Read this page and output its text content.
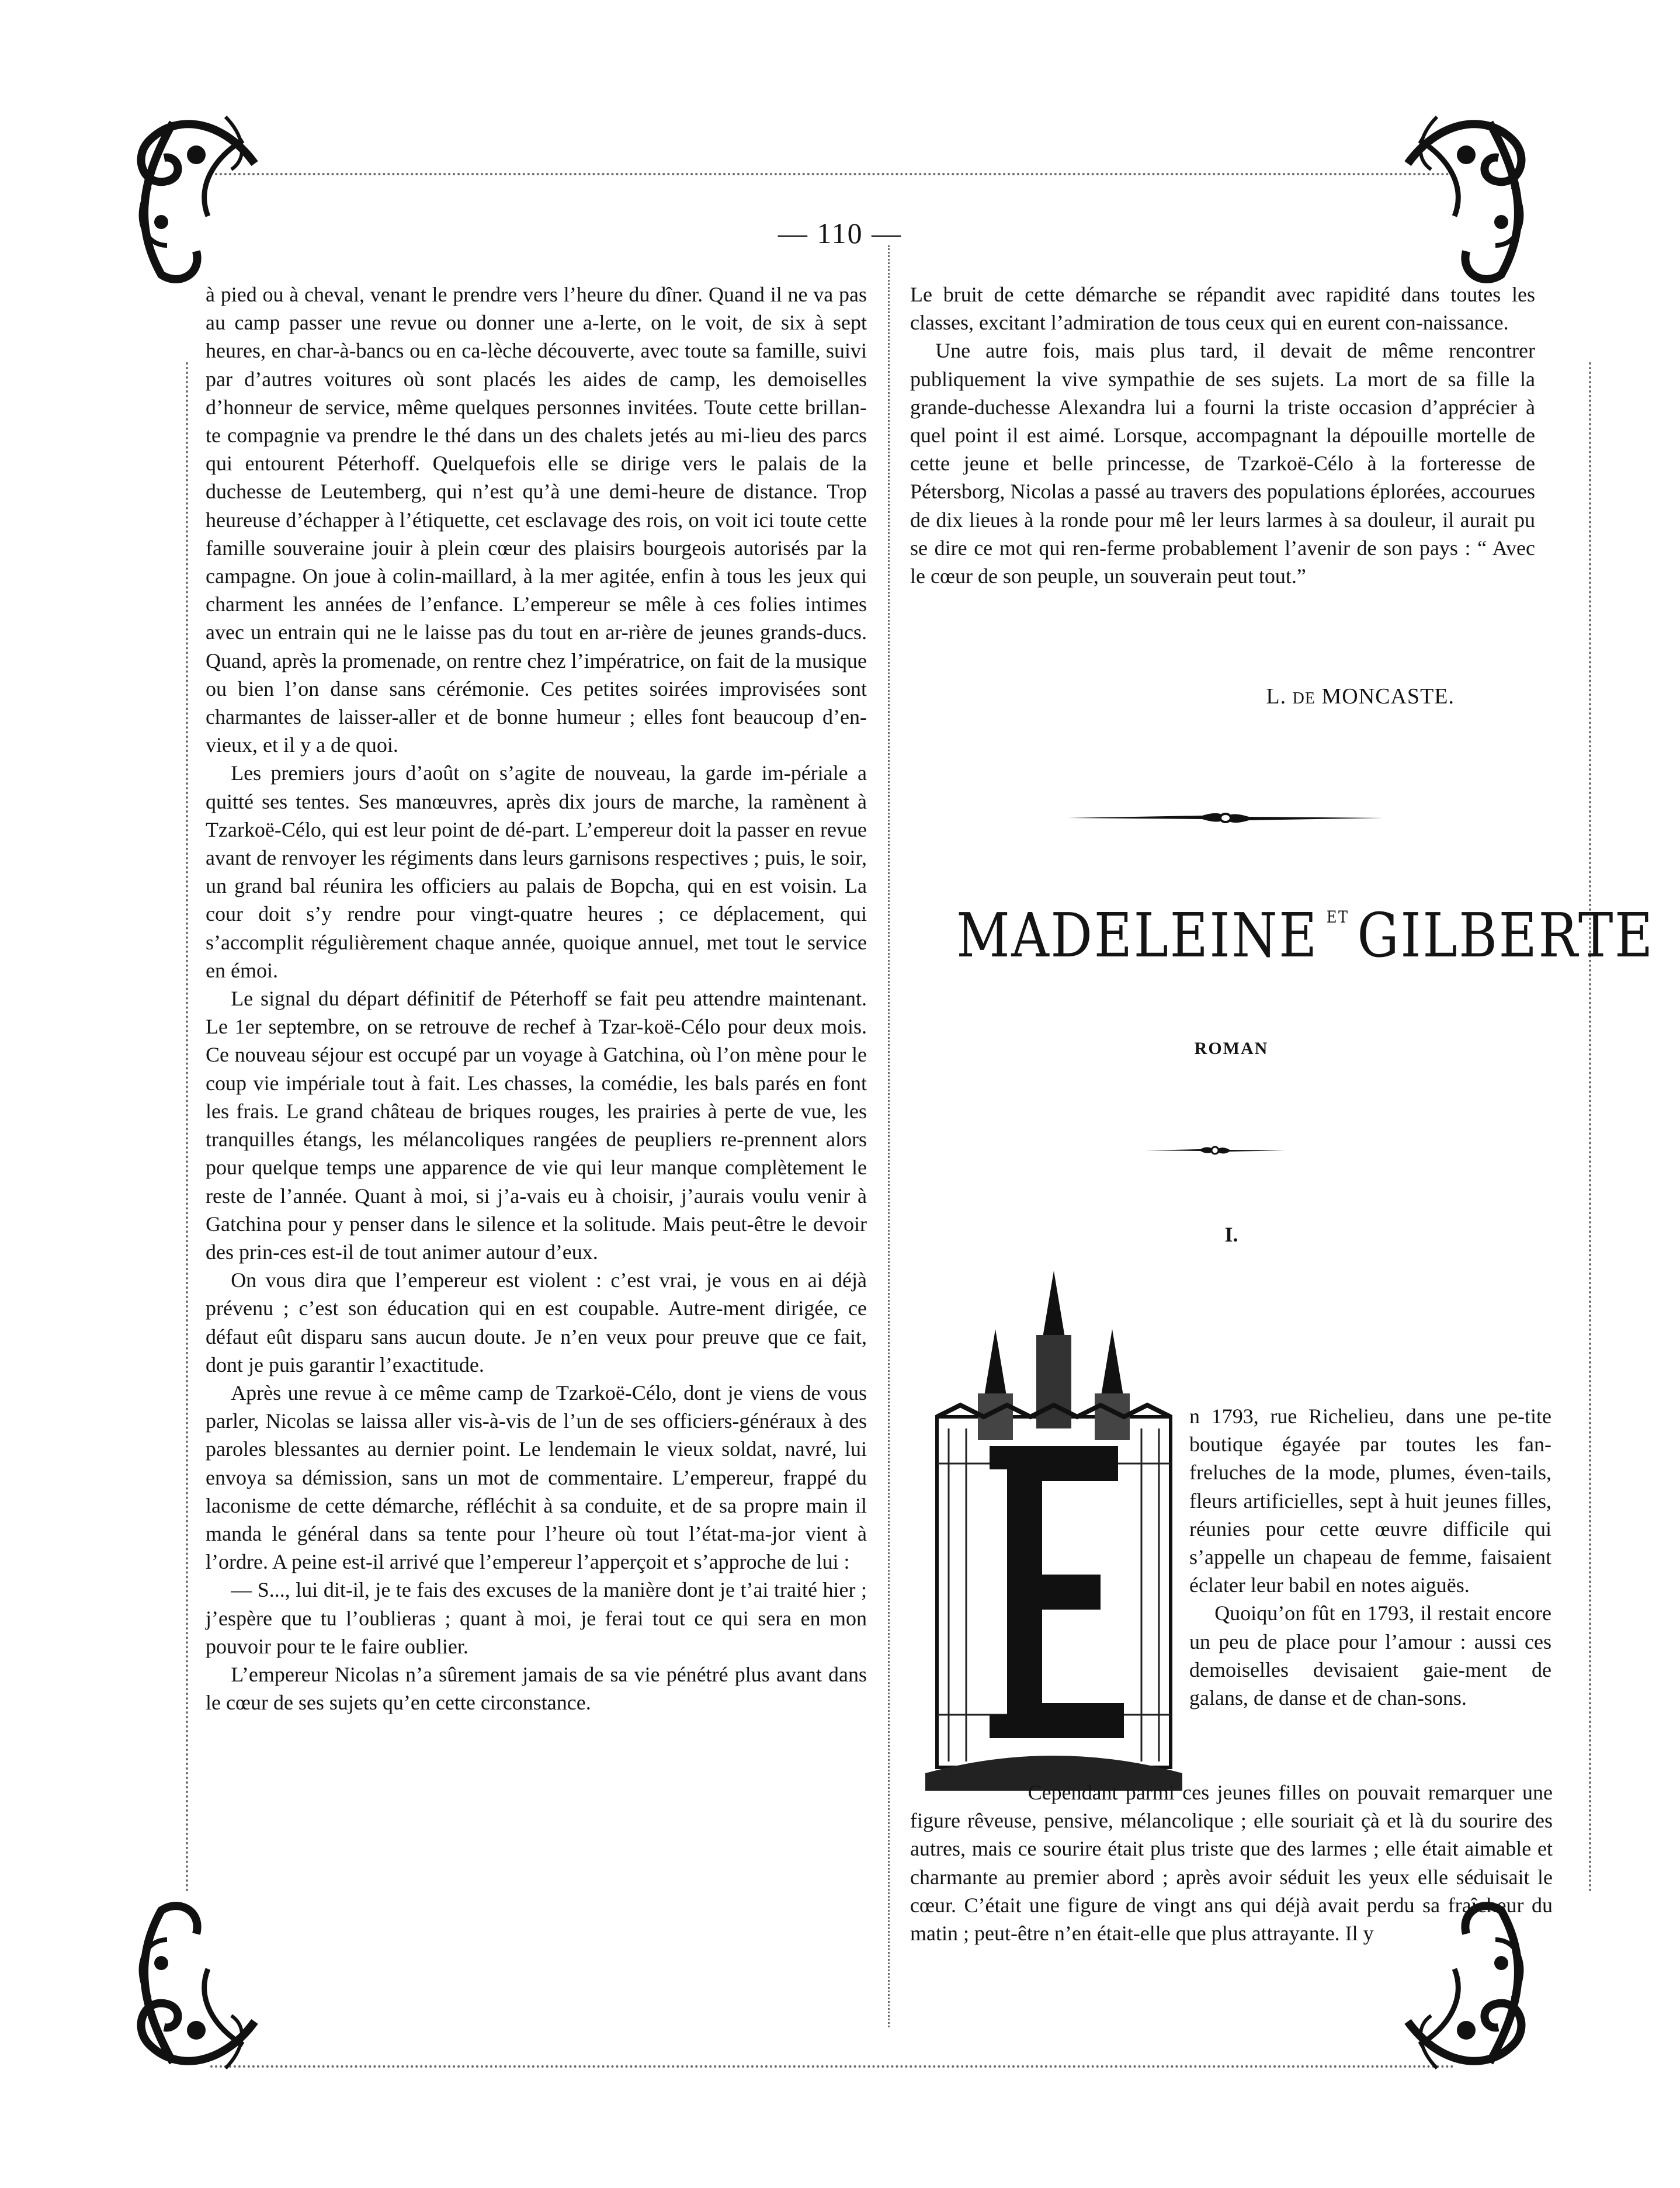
— 110 —

à pied ou à cheval, venant le prendre vers l’heure du dîner. Quand il ne va pas au camp passer une revue ou donner une a-lerte, on le voit, de six à sept heures, en char-à-bancs ou en ca-lèche découverte, avec toute sa famille, suivi par d’autres voitures où sont placés les aides de camp, les demoiselles d’honneur de service, même quelques personnes invitées. Toute cette brillan-te compagnie va prendre le thé dans un des chalets jetés au mi-lieu des parcs qui entourent Péterhoff. Quelquefois elle se dirige vers le palais de la duchesse de Leutemberg, qui n’est qu’à une demi-heure de distance. Trop heureuse d’échapper à l’étiquette, cet esclavage des rois, on voit ici toute cette famille souveraine jouir à plein cœur des plaisirs bourgeois autorisés par la campagne. On joue à colin-maillard, à la mer agitée, enfin à tous les jeux qui charment les années de l’enfance. L’empereur se mêle à ces folies intimes avec un entrain qui ne le laisse pas du tout en ar-rière de jeunes grands-ducs. Quand, après la promenade, on rentre chez l’impératrice, on fait de la musique ou bien l’on danse sans cérémonie. Ces petites soirées improvisées sont charmantes de laisser-aller et de bonne humeur ; elles font beaucoup d’en-vieux, et il y a de quoi.

Les premiers jours d’août on s’agite de nouveau, la garde im-périale a quitté ses tentes. Ses manœuvres, après dix jours de marche, la ramènent à Tzarkoë-Célo, qui est leur point de dé-part. L’empereur doit la passer en revue avant de renvoyer les régiments dans leurs garnisons respectives ; puis, le soir, un grand bal réunira les officiers au palais de Bopcha, qui en est voisin. La cour doit s’y rendre pour vingt-quatre heures ; ce déplacement, qui s’accomplit régulièrement chaque année, quoique annuel, met tout le service en émoi.

Le signal du départ définitif de Péterhoff se fait peu attendre maintenant. Le 1er septembre, on se retrouve de rechef à Tzar-koë-Célo pour deux mois. Ce nouveau séjour est occupé par un voyage à Gatchina, où l’on mène pour le coup vie impériale tout à fait. Les chasses, la comédie, les bals parés en font les frais. Le grand château de briques rouges, les prairies à perte de vue, les tranquilles étangs, les mélancoliques rangées de peupliers re-prennent alors pour quelque temps une apparence de vie qui leur manque complètement le reste de l’année. Quant à moi, si j’a-vais eu à choisir, j’aurais voulu venir à Gatchina pour y penser dans le silence et la solitude. Mais peut-être le devoir des prin-ces est-il de tout animer autour d’eux.

On vous dira que l’empereur est violent : c’est vrai, je vous en ai déjà prévenu ; c’est son éducation qui en est coupable. Autre-ment dirigée, ce défaut eût disparu sans aucun doute. Je n’en veux pour preuve que ce fait, dont je puis garantir l’exactitude.

Après une revue à ce même camp de Tzarkoë-Célo, dont je viens de vous parler, Nicolas se laissa aller vis-à-vis de l’un de ses officiers-généraux à des paroles blessantes au dernier point. Le lendemain le vieux soldat, navré, lui envoya sa démission, sans un mot de commentaire. L’empereur, frappé du laconisme de cette démarche, réfléchit à sa conduite, et de sa propre main il manda le général dans sa tente pour l’heure où tout l’état-ma-jor vient à l’ordre. A peine est-il arrivé que l’empereur l’apperçoit et s’approche de lui :

— S..., lui dit-il, je te fais des excuses de la manière dont je t’ai traité hier ; j’espère que tu l’oublieras ; quant à moi, je ferai tout ce qui sera en mon pouvoir pour te le faire oublier.

L’empereur Nicolas n’a sûrement jamais de sa vie pénétré plus avant dans le cœur de ses sujets qu’en cette circonstance.

Le bruit de cette démarche se répandit avec rapidité dans toutes les classes, excitant l’admiration de tous ceux qui en eurent con-naissance.

Une autre fois, mais plus tard, il devait de même rencontrer publiquement la vive sympathie de ses sujets. La mort de sa fille la grande-duchesse Alexandra lui a fourni la triste occasion d’apprécier à quel point il est aimé. Lorsque, accompagnant la dépouille mortelle de cette jeune et belle princesse, de Tzarkoë-Célo à la forteresse de Pétersborg, Nicolas a passé au travers des populations éplorées, accourues de dix lieues à la ronde pour mê ler leurs larmes à sa douleur, il aurait pu se dire ce mot qui ren-ferme probablement l’avenir de son pays : “ Avec le cœur de son peuple, un souverain peut tout.”

L. DE MONCASTE.
MADELEINE $^{ET}$ GILBERTE
ROMAN
I.

n 1793, rue Richelieu, dans une pe-tite boutique égayée par toutes les fan-freluches de la mode, plumes, éven-tails, fleurs artificielles, sept à huit jeunes filles, réunies pour cette œuvre difficile qui s’appelle un chapeau de femme, faisaient éclater leur babil en notes aiguës.

Quoiqu’on fût en 1793, il restait encore un peu de place pour l’amour : aussi ces demoiselles devisaient gaie-ment de galans, de danse et de chan-sons.

Cependant parmi ces jeunes filles on pouvait remarquer une figure rêveuse, pensive, mélancolique ; elle souriait çà et là du sourire des autres, mais ce sourire était plus triste que des larmes ; elle était aimable et charmante au premier abord ; après avoir séduit les yeux elle séduisait le cœur. C’était une figure de vingt ans qui déjà avait perdu sa fraîcheur du matin ; peut-être n’en était-elle que plus attrayante. Il y
